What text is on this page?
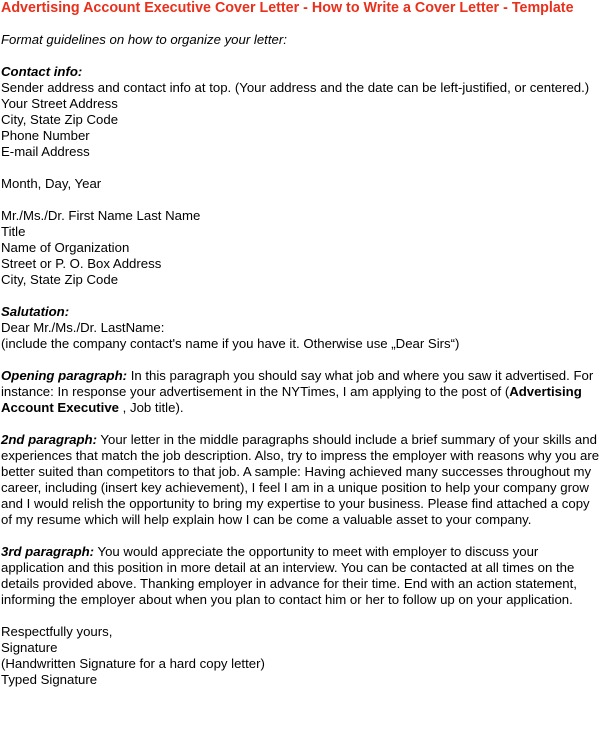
Advertising Account Executive Cover Letter - How to Write a Cover Letter - Template
Format guidelines on how to organize your letter:
Contact info:
Sender address and contact info at top. (Your address and the date can be left-justified, or centered.)
Your Street Address
City, State Zip Code
Phone Number
E-mail Address
Month, Day, Year
Mr./Ms./Dr. First Name Last Name
Title
Name of Organization
Street or P. O. Box Address
City, State Zip Code
Salutation:
Dear Mr./Ms./Dr. LastName:
(include the company contact's name if you have it. Otherwise use „Dear Sirs“)
Opening paragraph: In this paragraph you should say what job and where you saw it advertised. For instance: In response your advertisement in the NYTimes, I am applying to the post of (Advertising Account Executive , Job title).
2nd paragraph: Your letter in the middle paragraphs should include a brief summary of your skills and experiences that match the job description. Also, try to impress the employer with reasons why you are better suited than competitors to that job. A sample: Having achieved many successes throughout my career, including (insert key achievement), I feel I am in a unique position to help your company grow and I would relish the opportunity to bring my expertise to your business. Please find attached a copy of my resume which will help explain how I can be come a valuable asset to your company.
3rd paragraph: You would appreciate the opportunity to meet with employer to discuss your application and this position in more detail at an interview. You can be contacted at all times on the details provided above. Thanking employer in advance for their time. End with an action statement, informing the employer about when you plan to contact him or her to follow up on your application.
Respectfully yours,
Signature
(Handwritten Signature for a hard copy letter)
Typed Signature
